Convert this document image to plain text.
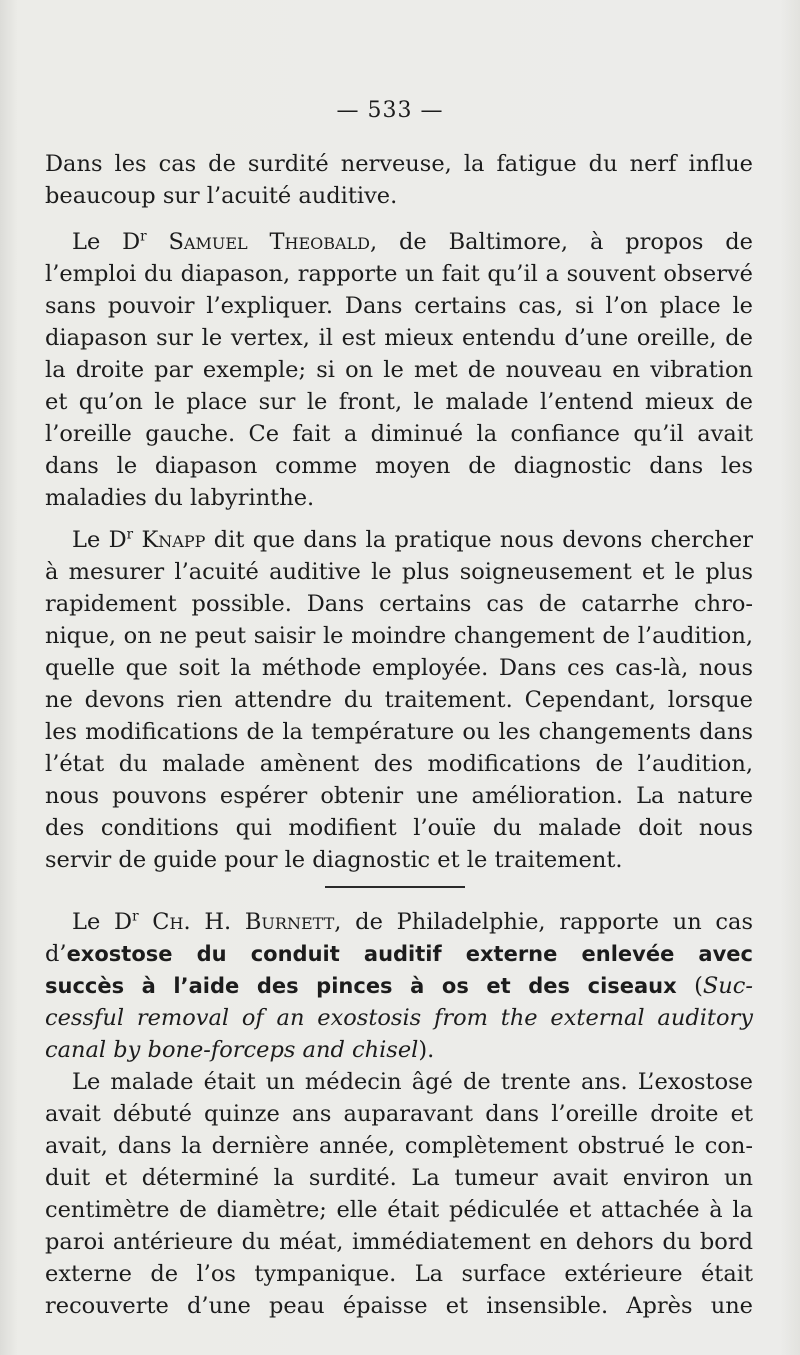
— 533 —
Dans les cas de surdité nerveuse, la fatigue du nerf influe
beaucoup sur l’acuité auditive.
Le $D^r$ Samuel Theobald, de Baltimore, à propos de
l’emploi du diapason, rapporte un fait qu’il a souvent observé
sans pouvoir l’expliquer. Dans certains cas, si l’on place le
diapason sur le vertex, il est mieux entendu d’une oreille, de
la droite par exemple; si on le met de nouveau en vibration
et qu’on le place sur le front, le malade l’entend mieux de
l’oreille gauche. Ce fait a diminué la confiance qu’il avait
dans le diapason comme moyen de diagnostic dans les
maladies du labyrinthe.
Le $D^r$ Knapp dit que dans la pratique nous devons chercher
à mesurer l’acuité auditive le plus soigneusement et le plus
rapidement possible. Dans certains cas de catarrhe chro-
nique, on ne peut saisir le moindre changement de l’audition,
quelle que soit la méthode employée. Dans ces cas-là, nous
ne devons rien attendre du traitement. Cependant, lorsque
les modifications de la température ou les changements dans
l’état du malade amènent des modifications de l’audition,
nous pouvons espérer obtenir une amélioration. La nature
des conditions qui modifient l’ouïe du malade doit nous
servir de guide pour le diagnostic et le traitement.
Le $D^r$ Ch. H. Burnett, de Philadelphie, rapporte un cas
d’exostose du conduit auditif externe enlevée avec
succès à l’aide des pinces à os et des ciseaux (Suc-
cessful removal of an exostosis from the external auditory
canal by bone-forceps and chisel).
Le malade était un médecin âgé de trente ans. L’exostose
avait débuté quinze ans auparavant dans l’oreille droite et
avait, dans la dernière année, complètement obstrué le con-
duit et déterminé la surdité. La tumeur avait environ un
centimètre de diamètre; elle était pédiculée et attachée à la
paroi antérieure du méat, immédiatement en dehors du bord
externe de l’os tympanique. La surface extérieure était
recouverte d’une peau épaisse et insensible. Après une
